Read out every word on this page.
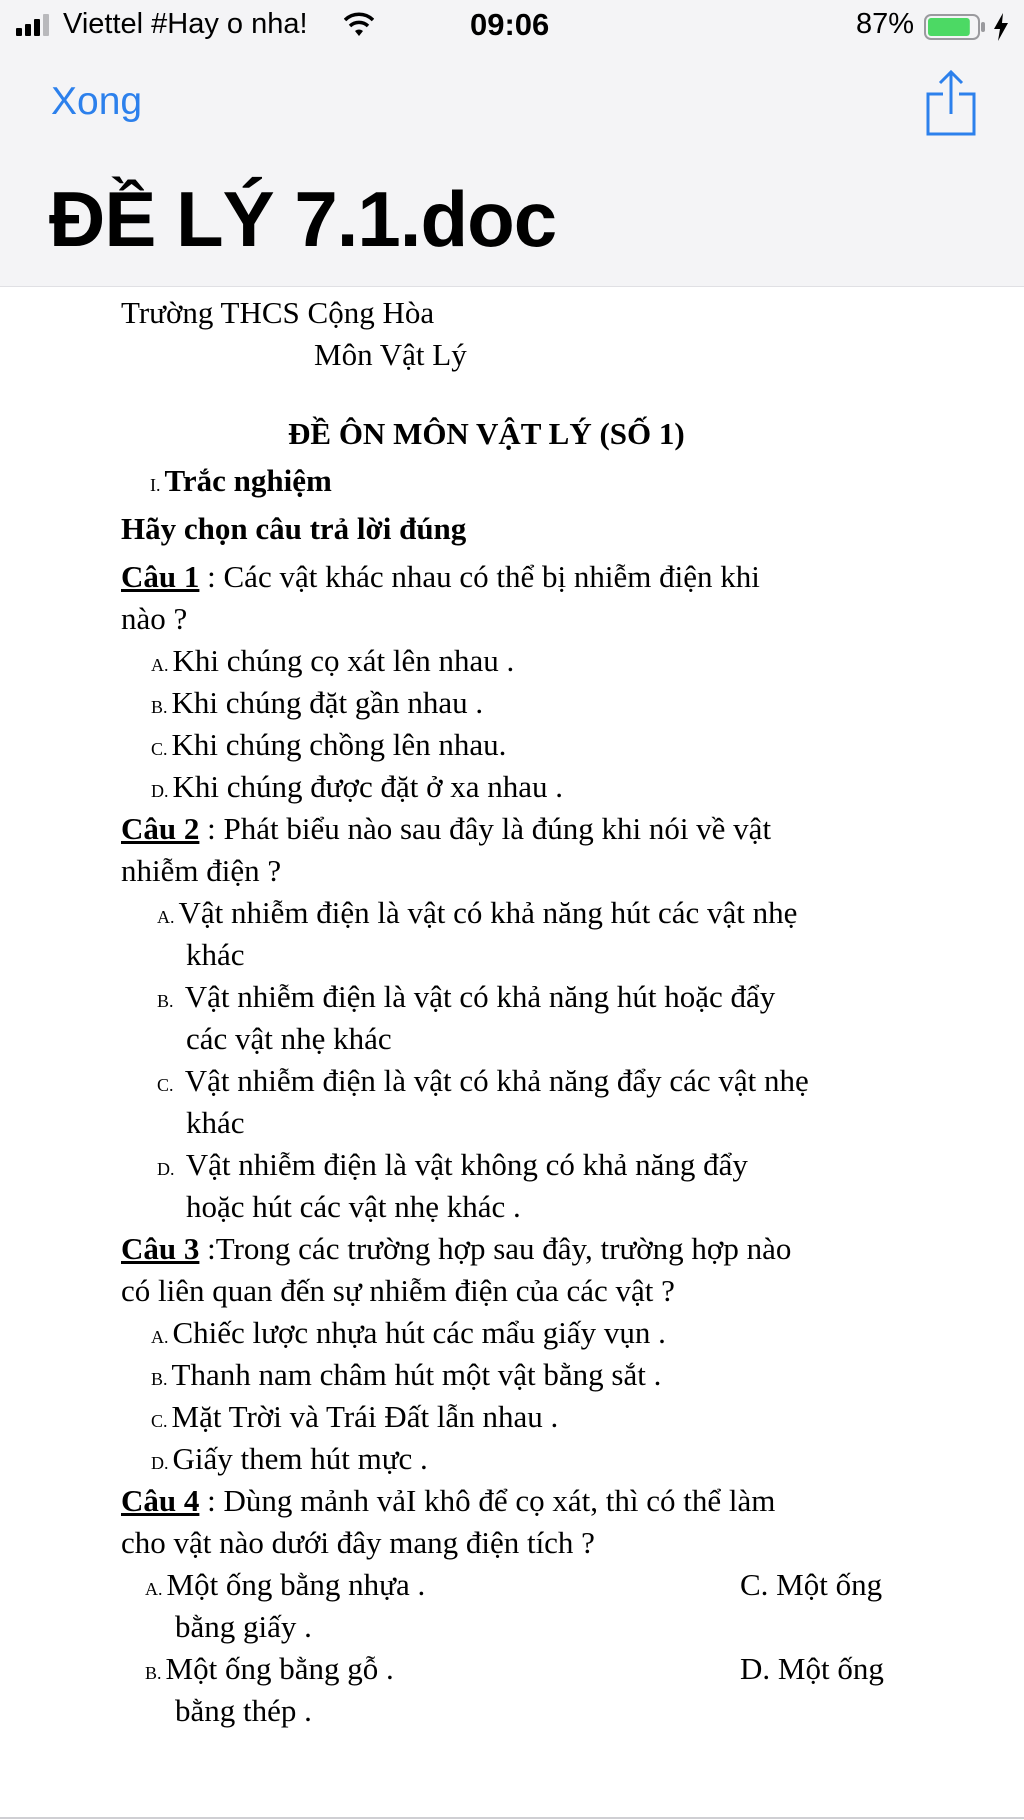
Viettel #Hay o nha!	09:06	87%
Xong
ĐỀ LÝ 7.1.doc
Trường THCS Cộng Hòa
Môn Vật Lý
ĐỀ ÔN MÔN VẬT LÝ (SỐ 1)
I. Trắc nghiệm
Hãy chọn câu trả lời đúng
Câu 1 : Các vật khác nhau có thể bị nhiễm điện khi
nào ?
A. Khi chúng cọ xát lên nhau .
B. Khi chúng đặt gần nhau .
C. Khi chúng chồng lên nhau.
D. Khi chúng được đặt ở xa nhau .
Câu 2 : Phát biểu nào sau đây là đúng khi nói về vật
nhiễm điện ?
A. Vật nhiễm điện là vật có khả năng hút các vật nhẹ
khác
B. Vật nhiễm điện là vật có khả năng hút hoặc đẩy
các vật nhẹ khác
C. Vật nhiễm điện là vật có khả năng đẩy các vật nhẹ
khác
D. Vật nhiễm điện là vật không có khả năng đẩy
hoặc hút các vật nhẹ khác .
Câu 3 :Trong các trường hợp sau đây, trường hợp nào
có liên quan đến sự nhiễm điện của các vật ?
A. Chiếc lược nhựa hút các mẩu giấy vụn .
B. Thanh nam châm hút một vật bằng sắt .
C. Mặt Trời và Trái Đất lẫn nhau .
D. Giấy them hút mực .
Câu 4 : Dùng mảnh vảI khô để cọ xát, thì có thể làm
cho vật nào dưới đây mang điện tích ?
A. Một ống bằng nhựa .	C. Một ống
bằng giấy .
B. Một ống bằng gỗ .	D. Một ống
bằng thép .
